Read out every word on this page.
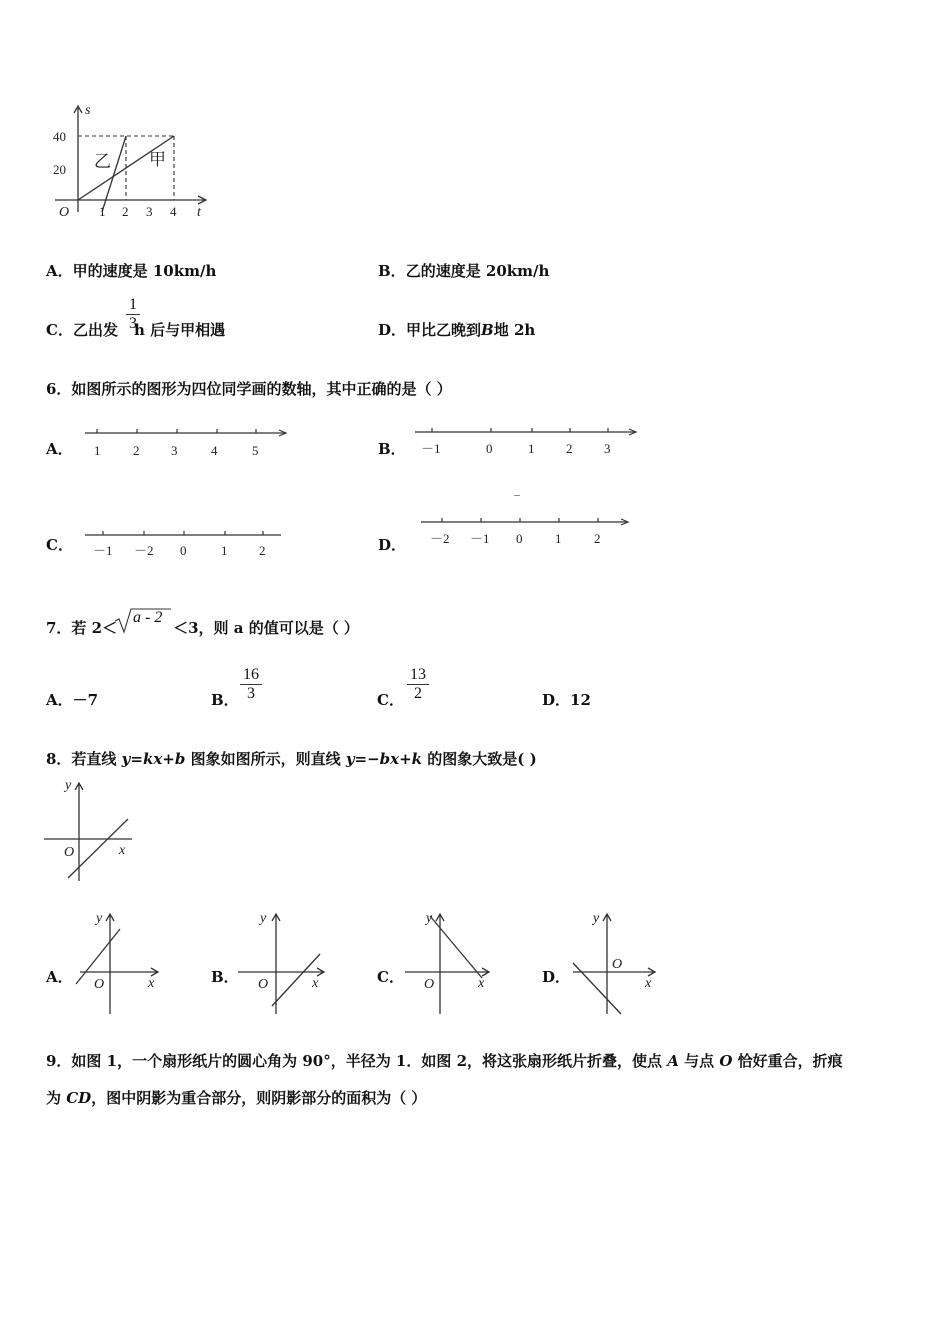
s
t
O
40
20
1 2 3 4
乙 甲
A．甲的速度是 10km/h	B．乙的速度是 20km/h
C．乙出发 h 后与甲相遇
$\frac{1}{3}$	D．甲比乙晚到B地 2h
6．如图所示的图形为四位同学画的数轴，其中正确的是（ ）
A． 1	2 3	4	5	B． －1	0	1 2 3
_
C． －1 －2 0	1 2	D． －2 －1 0	1	2
7．若 2＜	＜3，则 a 的值可以是（ ）
a - 2
A．－7	B． $\frac{16}{3}$	C． $\frac{13}{2}$	D．12
8．若直线 y=kx+b 图象如图所示，则直线 y=−bx+k 的图象大致是( )
y
x
O
A．
y
x
O	B．
y
x
O	C．
y
x
O	D．
y
x
O
9．如图 1，一个扇形纸片的圆心角为 90°，半径为 1．如图 2，将这张扇形纸片折叠，使点 A 与点 O 恰好重合，折痕
为 CD，图中阴影为重合部分，则阴影部分的面积为（ ）
